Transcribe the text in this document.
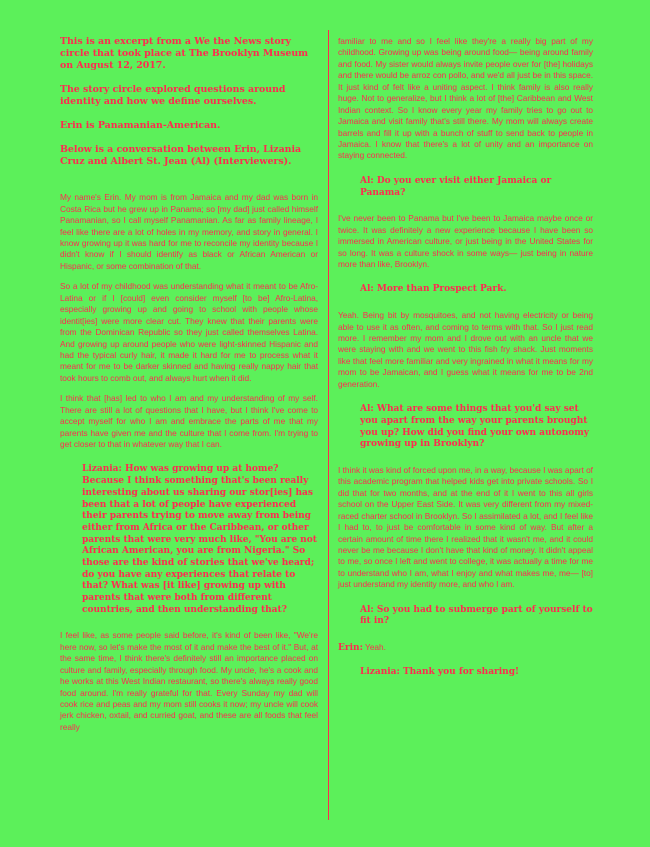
This is an excerpt from a We the News story circle that took place at The Brooklyn Museum on August 12, 2017.

The story circle explored questions around identity and how we define ourselves.

Erin is Panamanian-American.

Below is a conversation between Erin, Lizania Cruz and Albert St. Jean (Al) (Interviewers).

My name's Erin. My mom is from Jamaica and my dad was born in Costa Rica but he grew up in Panama; so [my dad] just called himself Panamanian, so I call myself Panamanian. As far as family lineage, I feel like there are a lot of holes in my memory, and story in general. I know growing up it was hard for me to reconcile my identity because I didn't know if I should identify as black or African American or Hispanic, or some combination of that.

So a lot of my childhood was understanding what it meant to be Afro-Latina or if I [could] even consider myself [to be] Afro-Latina, especially growing up and going to school with people whose identit[ies] were more clear cut. They knew that their parents were from the Dominican Republic so they just called themselves Latina. And growing up around people who were light-skinned Hispanic and had the typical curly hair, it made it hard for me to process what it meant for me to be darker skinned and having really nappy hair that took hours to comb out, and always hurt when it did.

I think that [has] led to who I am and my understanding of my self. There are still a lot of questions that I have, but I think I've come to accept myself for who I am and embrace the parts of me that my parents have given me and the culture that I come from. I'm trying to get closer to that in whatever way that I can.

Lizania: How was growing up at home? Because I think something that's been really interesting about us sharing our stor[ies] has been that a lot of people have experienced their parents trying to move away from being either from Africa or the Caribbean, or other parents that were very much like, "You are not African American, you are from Nigeria." So those are the kind of stories that we've heard; do you have any experiences that relate to that? What was [it like] growing up with parents that were both from different countries, and then understanding that?

I feel like, as some people said before, it's kind of been like, "We're here now, so let's make the most of it and make the best of it." But, at the same time, I think there's definitely still an importance placed on culture and family, especially through food. My uncle, he's a cook and he works at this West Indian restaurant, so there's always really good food around. I'm really grateful for that. Every Sunday my dad will cook rice and peas and my mom still cooks it now; my uncle will cook jerk chicken, oxtail, and curried goat, and these are all foods that feel really

familiar to me and so I feel like they're a really big part of my childhood. Growing up was being around food— being around family and food. My sister would always invite people over for [the] holidays and there would be arroz con pollo, and we'd all just be in this space. It just kind of felt like a uniting aspect. I think family is also really huge. Not to generalize, but I think a lot of [the] Caribbean and West Indian context. So I know every year my family tries to go out to Jamaica and visit family that's still there. My mom will always create barrels and fill it up with a bunch of stuff to send back to people in Jamaica. I know that there's a lot of unity and an importance on staying connected.

Al: Do you ever visit either Jamaica or Panama?

I've never been to Panama but I've been to Jamaica maybe once or twice. It was definitely a new experience because I have been so immersed in American culture, or just being in the United States for so long. It was a culture shock in some ways— just being in nature more than like, Brooklyn.

Al: More than Prospect Park.

Yeah. Being bit by mosquitoes, and not having electricity or being able to use it as often, and coming to terms with that. So I just read more. I remember my mom and I drove out with an uncle that we were staying with and we went to this fish fry shack. Just moments like that feel more familiar and very ingrained in what it means for my mom to be Jamaican, and I guess what it means for me to be 2nd generation.

Al: What are some things that you'd say set you apart from the way your parents brought you up? How did you find your own autonomy growing up in Brooklyn?

I think it was kind of forced upon me, in a way, because I was apart of this academic program that helped kids get into private schools. So I did that for two months, and at the end of it I went to this all girls school on the Upper East Side. It was very different from my mixed-raced charter school in Brooklyn. So I assimilated a lot, and I feel like I had to, to just be comfortable in some kind of way. But after a certain amount of time there I realized that it wasn't me, and it could never be me because I don't have that kind of money. It didn't appeal to me, so once I left and went to college, it was actually a time for me to understand who I am, what I enjoy and what makes me, me— [to] just understand my identity more, and who I am.

Al: So you had to submerge part of yourself to fit in?

Erin: Yeah.

Lizania: Thank you for sharing!
